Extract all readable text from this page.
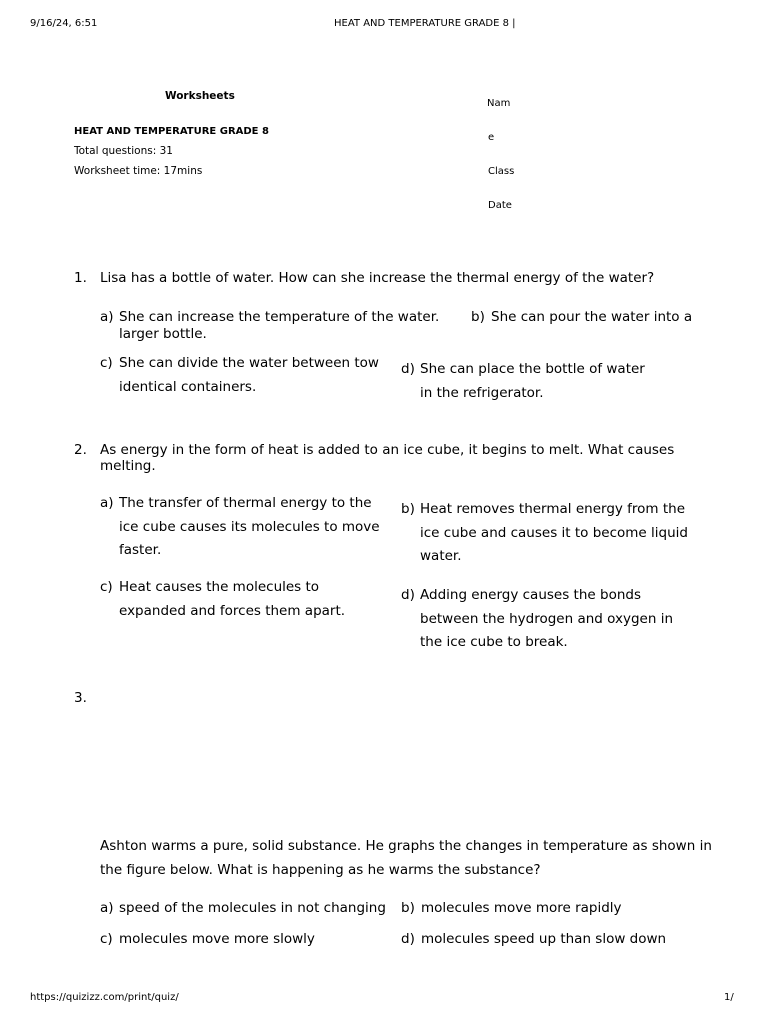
9/16/24, 6:51	HEAT AND TEMPERATURE GRADE 8 |
Worksheets
HEAT AND TEMPERATURE GRADE 8
Total questions: 31
Worksheet time: 17mins
Nam
e
Class
Date
1. Lisa has a bottle of water. How can she increase the thermal energy of the water?
a) She can increase the temperature of the water.
larger bottle.
b) She can pour the water into a
c) She can divide the water between tow
identical containers.
d) She can place the bottle of water
in the refrigerator.
2. As energy in the form of heat is added to an ice cube, it begins to melt. What causes
melting.
a) The transfer of thermal energy to the
ice cube causes its molecules to move
faster.
b) Heat removes thermal energy from the
ice cube and causes it to become liquid
water.
c) Heat causes the molecules to
expanded and forces them apart.
d) Adding energy causes the bonds
between the hydrogen and oxygen in
the ice cube to break.
3.
Ashton warms a pure, solid substance. He graphs the changes in temperature as shown in
the figure below. What is happening as he warms the substance?
a) speed of the molecules in not changing	b) molecules move more rapidly
c) molecules move more slowly	d) molecules speed up than slow down
https://quizizz.com/print/quiz/	1/
